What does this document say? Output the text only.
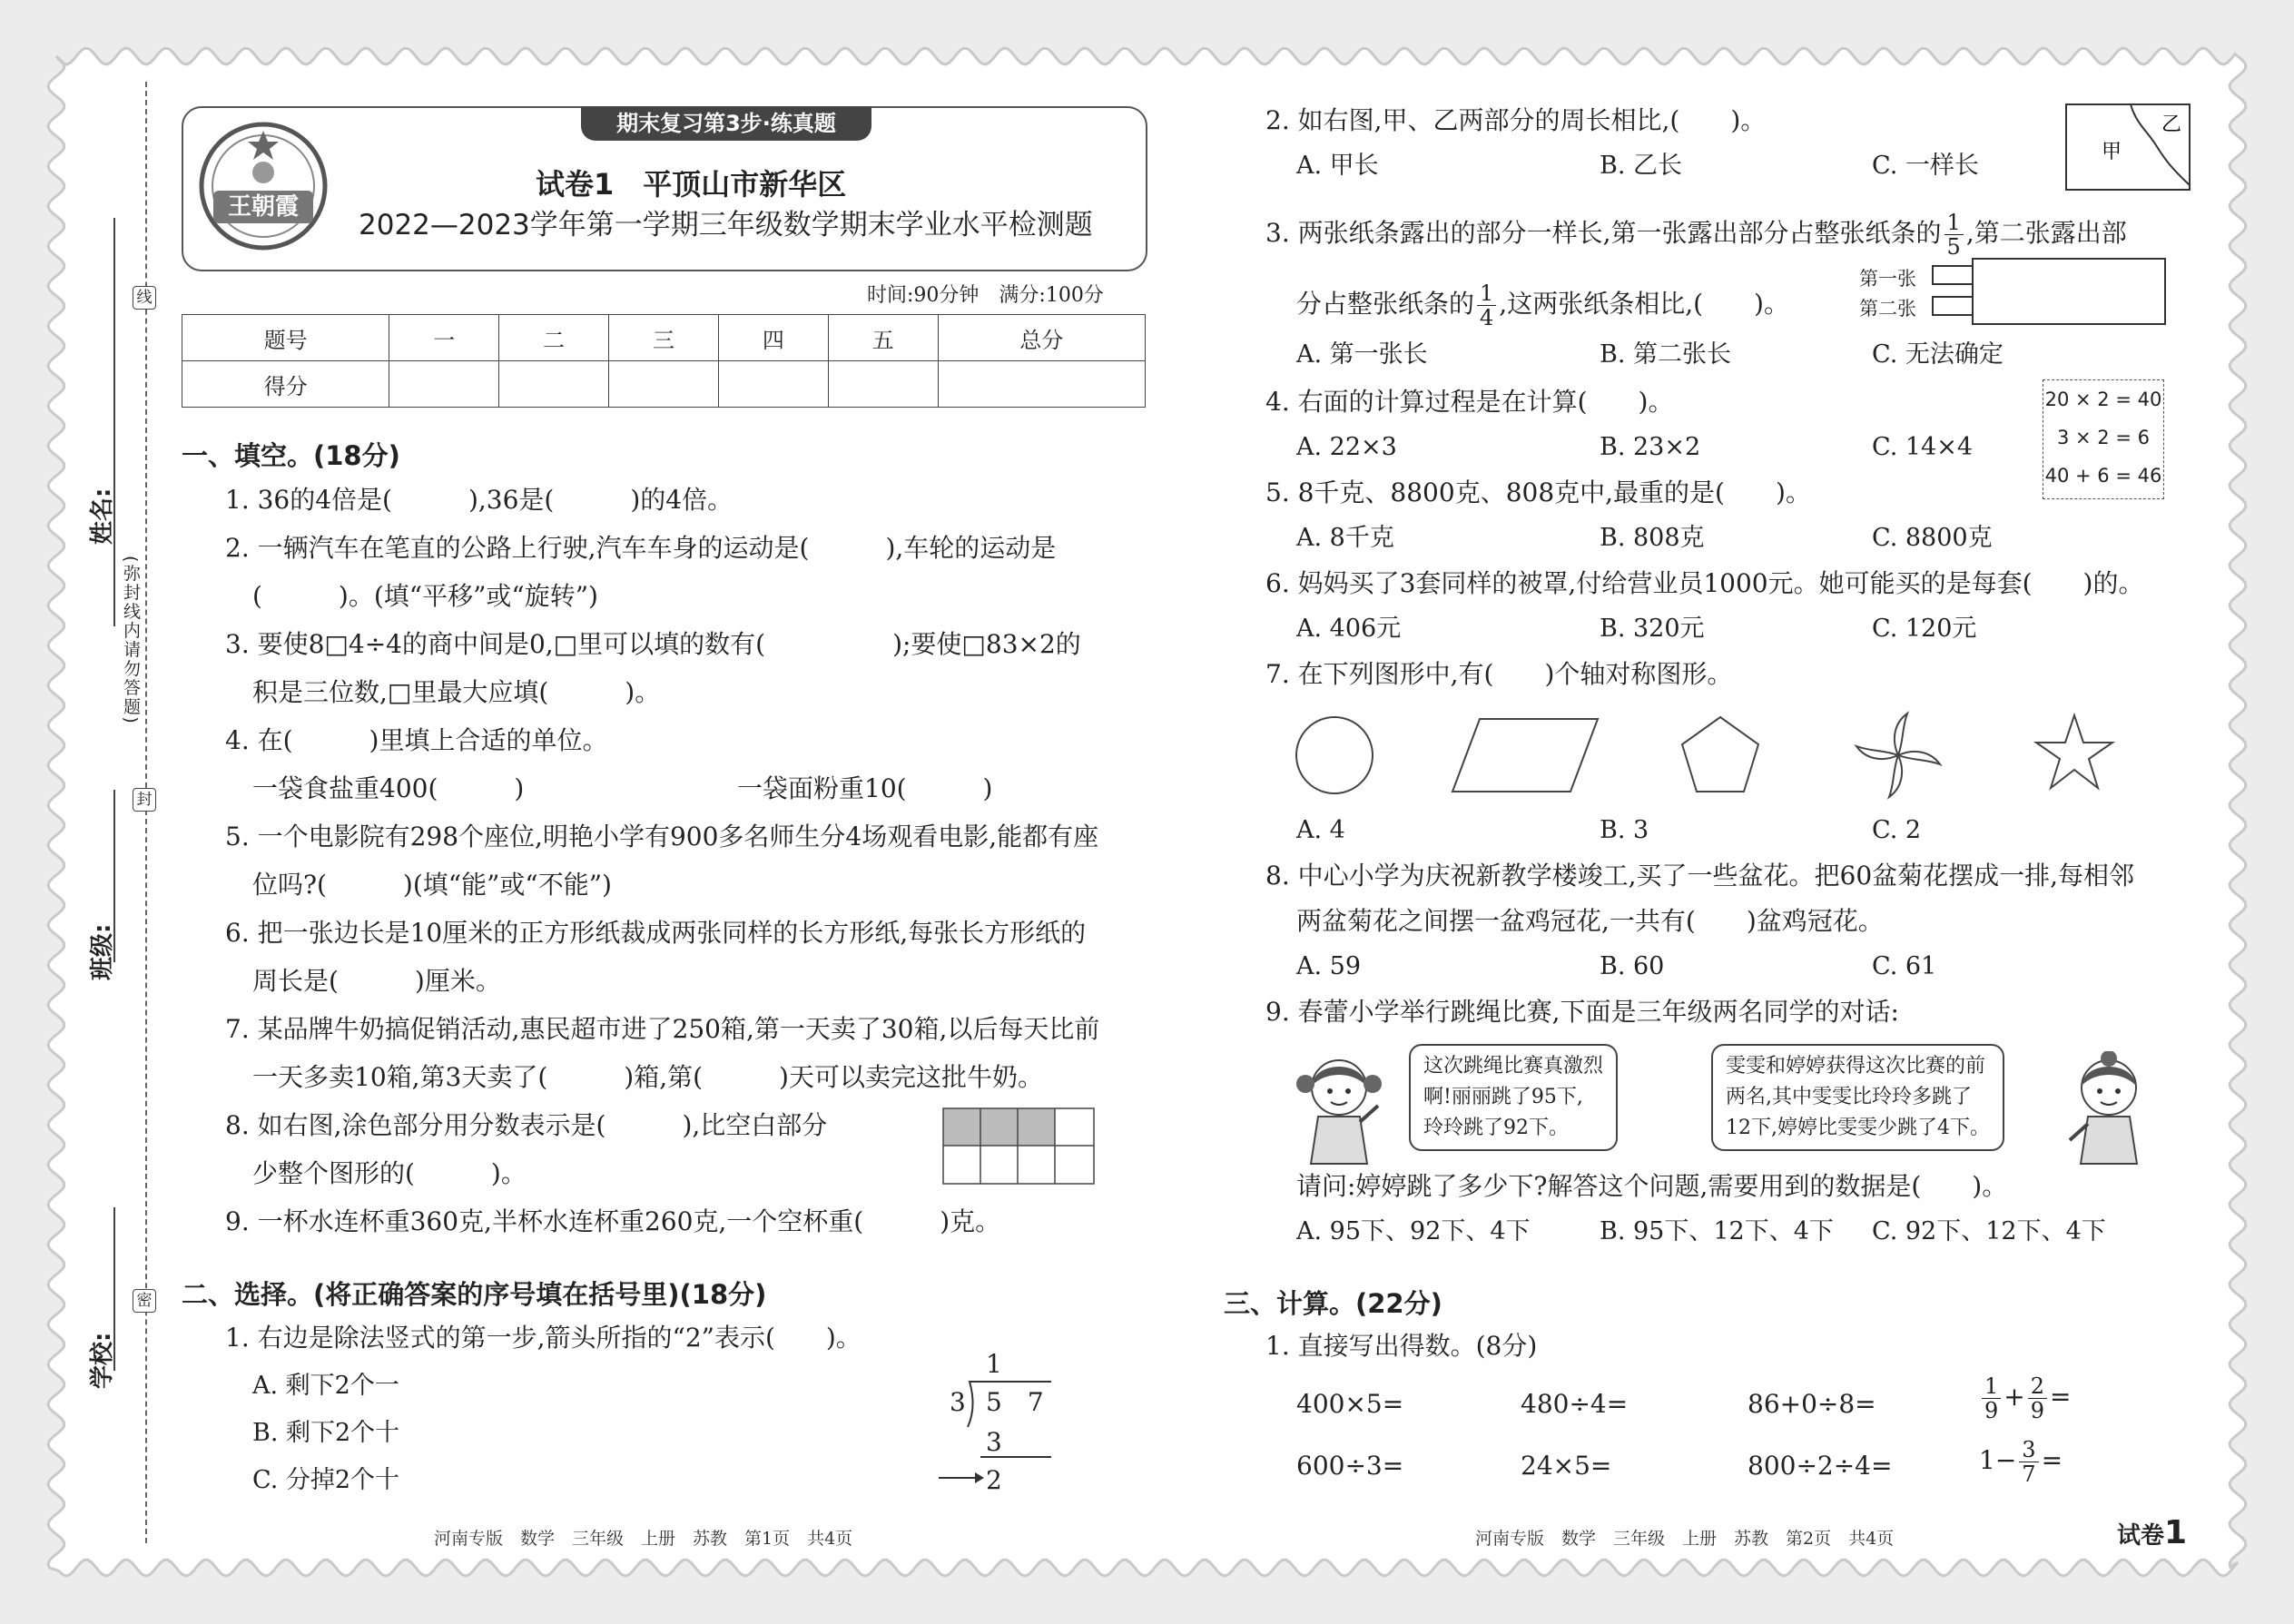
姓名:
班级:
学校:
线
封
密
(弥封线内请勿答题)
期末复习第3步·练真题
王朝霞
试卷1　平顶山市新华区
2022—2023学年第一学期三年级数学期末学业水平检测题
时间:90分钟　满分:100分
题号	一	二	三	四	五	总分
得分						
一、填空。(18分)
1. 36的4倍是(　　　),36是(　　　)的4倍。
2. 一辆汽车在笔直的公路上行驶,汽车车身的运动是(　　　),车轮的运动是
(　　　)。(填“平移”或“旋转”)
3. 要使8□4÷4的商中间是0,□里可以填的数有(　　　　　);要使□83×2的
积是三位数,□里最大应填(　　　)。
4. 在(　　　)里填上合适的单位。
一袋食盐重400(　　　)	一袋面粉重10(　　　)
5. 一个电影院有298个座位,明艳小学有900多名师生分4场观看电影,能都有座
位吗?(　　　)(填“能”或“不能”)
6. 把一张边长是10厘米的正方形纸裁成两张同样的长方形纸,每张长方形纸的
周长是(　　　)厘米。
7. 某品牌牛奶搞促销活动,惠民超市进了250箱,第一天卖了30箱,以后每天比前
一天多卖10箱,第3天卖了(　　　)箱,第(　　　)天可以卖完这批牛奶。
8. 如右图,涂色部分用分数表示是(　　　),比空白部分
少整个图形的(　　　)。
9. 一杯水连杯重360克,半杯水连杯重260克,一个空杯重(　　　)克。
二、选择。(将正确答案的序号填在括号里)(18分)
1. 右边是除法竖式的第一步,箭头所指的“2”表示(　　)。
A. 剩下2个一
B. 剩下2个十
C. 分掉2个十
1
3 5　7
3
2
河南专版　数学　三年级　上册　苏教　第1页　共4页
2. 如右图,甲、乙两部分的周长相比,(　　)。
A. 甲长	B. 乙长	C. 一样长	甲
乙
3. 两张纸条露出的部分一样长,第一张露出部分占整张纸条的 $\frac{1}{5}$ ,第二张露出部
分占整张纸条的 $\frac{1}{4}$ ,这两张纸条相比,(　　)。
第一张
第二张
A. 第一张长	B. 第二张长	C. 无法确定
4. 右面的计算过程是在计算(　　)。
A. 22×3	B. 23×2	C. 14×4
20 × 2 = 40
3 × 2 = 6
40 + 6 = 46
5. 8千克、8800克、808克中,最重的是(　　)。
A. 8千克	B. 808克	C. 8800克
6. 妈妈买了3套同样的被罩,付给营业员1000元。她可能买的是每套(　　)的。
A. 406元	B. 320元	C. 120元
7. 在下列图形中,有(　　)个轴对称图形。
A. 4	B. 3	C. 2
8. 中心小学为庆祝新教学楼竣工,买了一些盆花。把60盆菊花摆成一排,每相邻
两盆菊花之间摆一盆鸡冠花,一共有(　　)盆鸡冠花。
A. 59	B. 60	C. 61
9. 春蕾小学举行跳绳比赛,下面是三年级两名同学的对话:
这次跳绳比赛真激烈
啊!丽丽跳了95下,
玲玲跳了92下。
雯雯和婷婷获得这次比赛的前
两名,其中雯雯比玲玲多跳了
12下,婷婷比雯雯少跳了4下。
请问:婷婷跳了多少下?解答这个问题,需要用到的数据是(　　)。
A. 95下、92下、4下	B. 95下、12下、4下 C. 92下、12下、4下
三、计算。(22分)
1. 直接写出得数。(8分)
400×5=	480÷4=	86+0÷8=	$\frac{1}{9} + \frac{2}{9}$ =
600÷3=	24×5=	800÷2÷4=	$1- \frac{3}{7}$ =
河南专版　数学　三年级　上册　苏教　第2页　共4页	试卷1
